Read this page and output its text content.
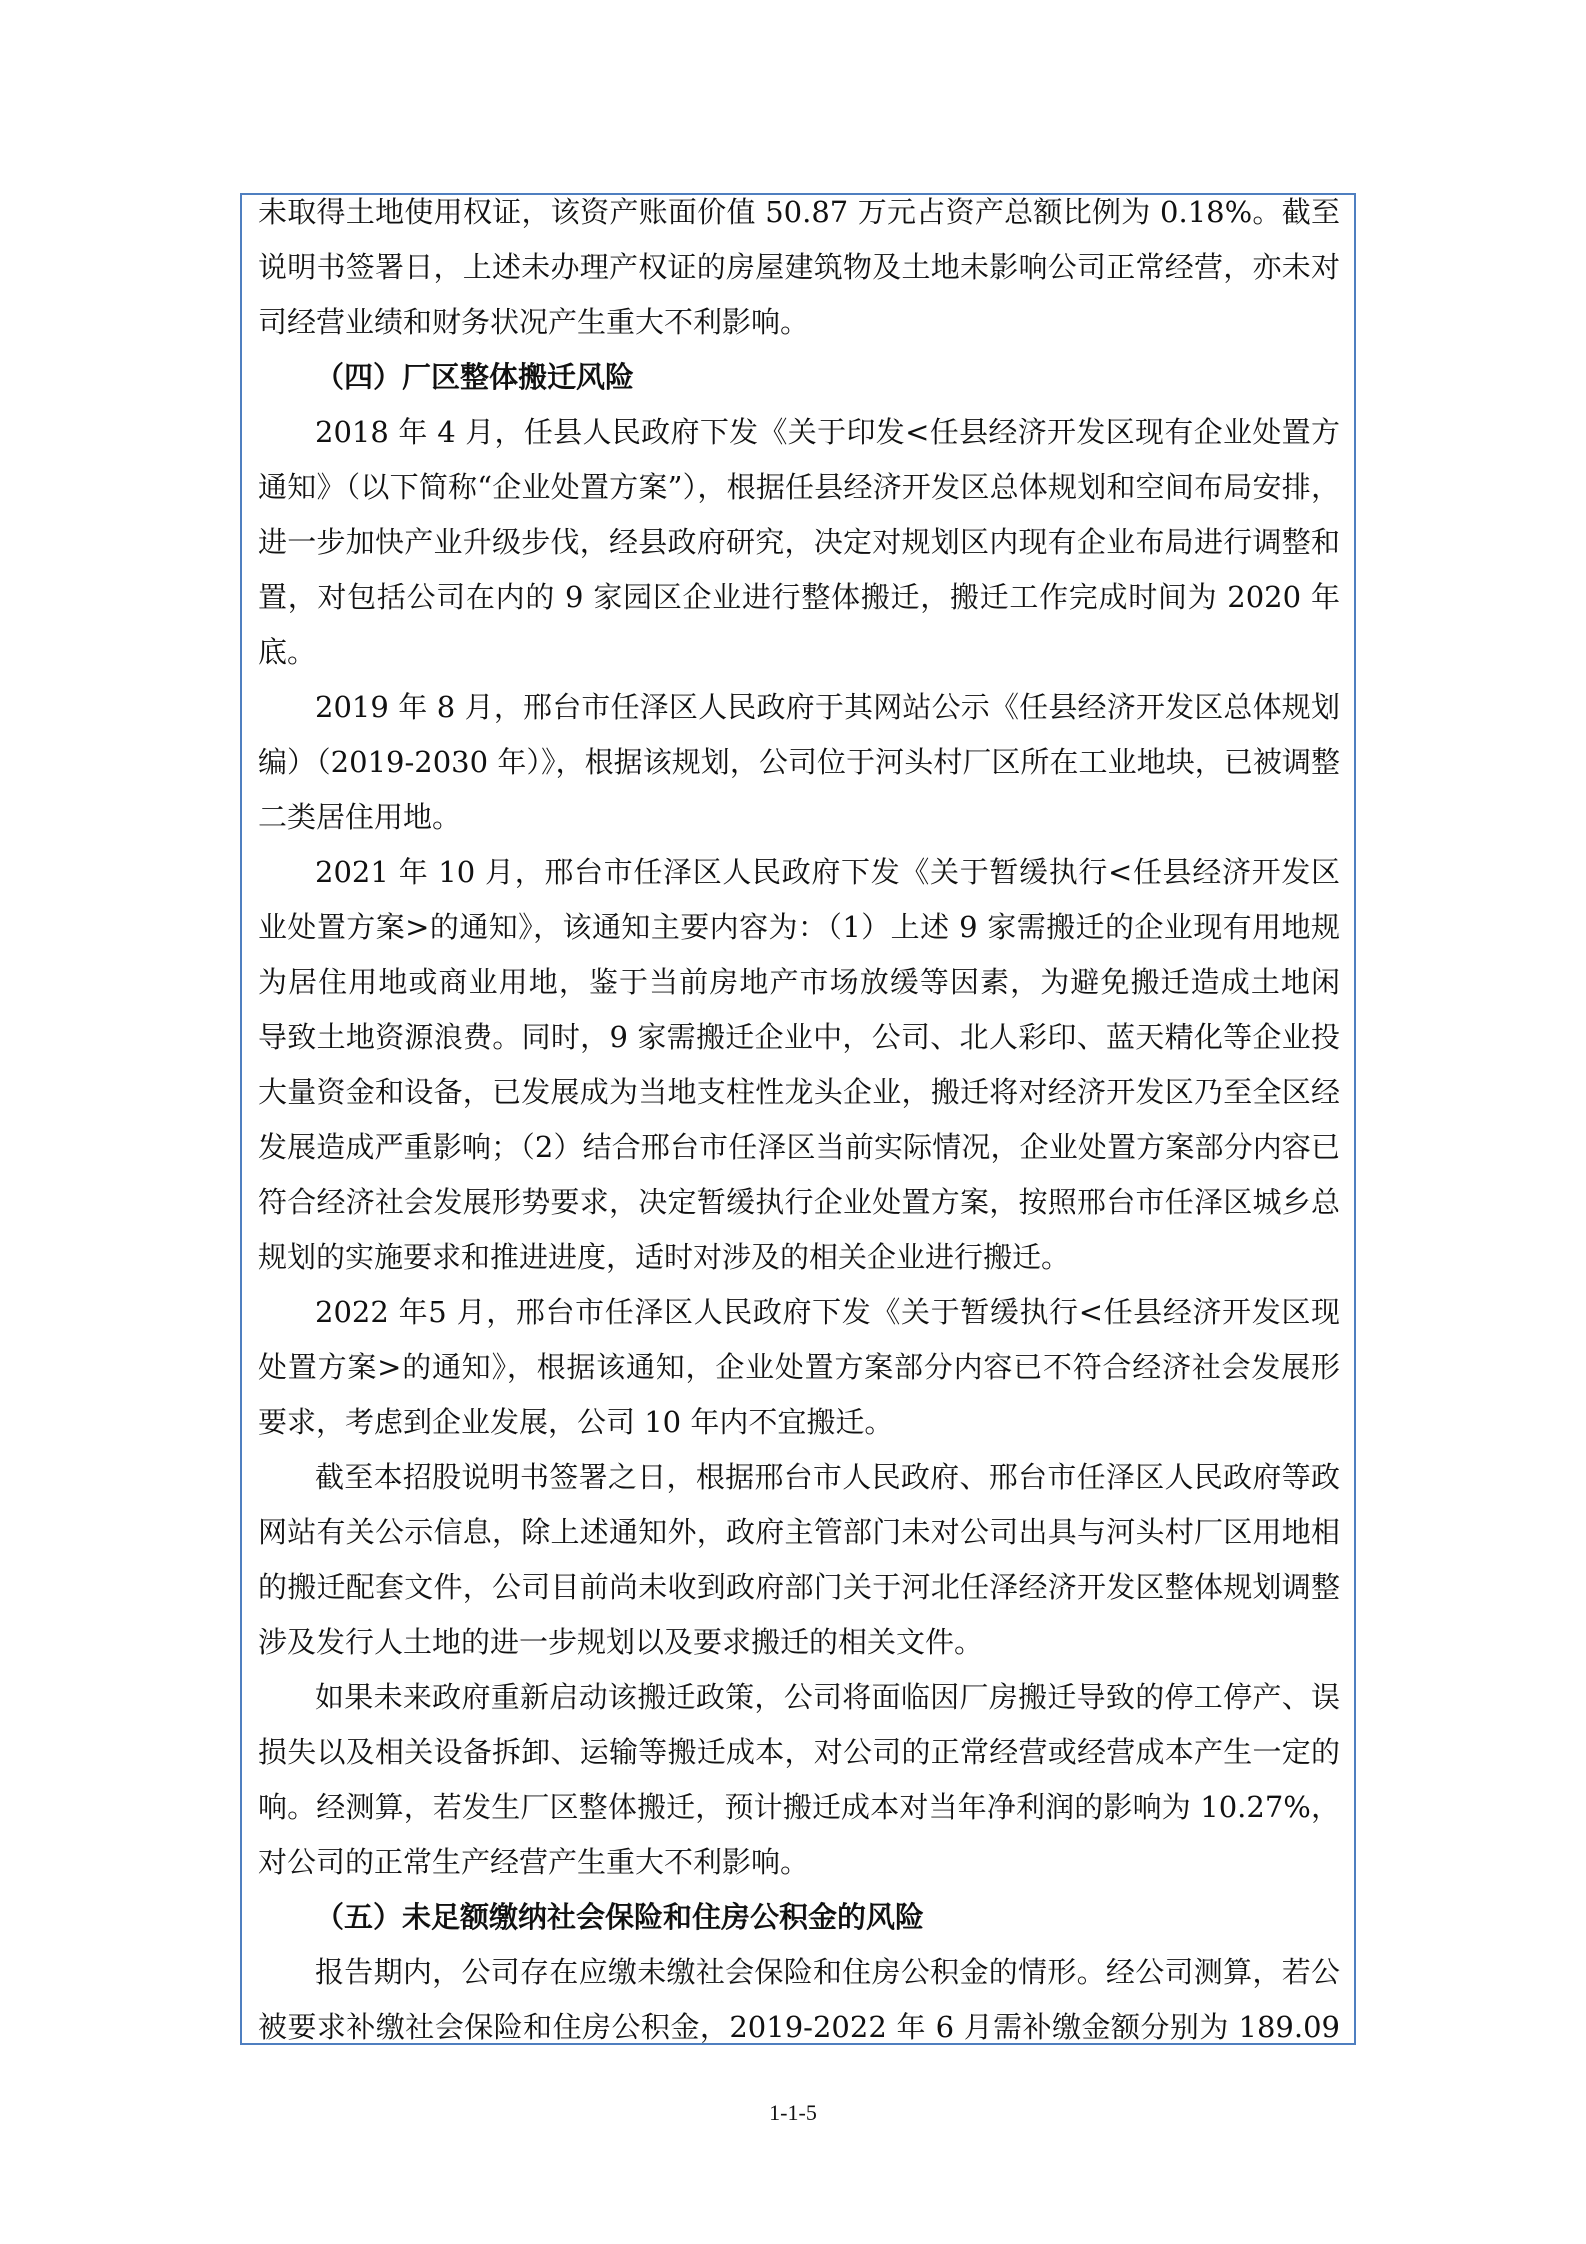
未取得土地使用权证，该资产账面价值 50.87 万元占资产总额比例为 0.18%。截至
说明书签署日，上述未办理产权证的房屋建筑物及土地未影响公司正常经营，亦未对
司经营业绩和财务状况产生重大不利影响。
（四）厂区整体搬迁风险
2018 年 4 月，任县人民政府下发《关于印发<任县经济开发区现有企业处置方
通知》（以下简称“企业处置方案”），根据任县经济开发区总体规划和空间布局安排，
进一步加快产业升级步伐，经县政府研究，决定对规划区内现有企业布局进行调整和
置，对包括公司在内的 9 家园区企业进行整体搬迁，搬迁工作完成时间为 2020 年
底。
2019 年 8 月，邢台市任泽区人民政府于其网站公示《任县经济开发区总体规划
编）（2019-2030 年）》，根据该规划，公司位于河头村厂区所在工业地块，已被调整
二类居住用地。
2021 年 10 月，邢台市任泽区人民政府下发《关于暂缓执行<任县经济开发区
业处置方案>的通知》，该通知主要内容为：（1）上述 9 家需搬迁的企业现有用地规
为居住用地或商业用地，鉴于当前房地产市场放缓等因素，为避免搬迁造成土地闲
导致土地资源浪费。同时，9 家需搬迁企业中，公司、北人彩印、蓝天精化等企业投
大量资金和设备，已发展成为当地支柱性龙头企业，搬迁将对经济开发区乃至全区经
发展造成严重影响；（2）结合邢台市任泽区当前实际情况，企业处置方案部分内容已
符合经济社会发展形势要求，决定暂缓执行企业处置方案，按照邢台市任泽区城乡总
规划的实施要求和推进进度，适时对涉及的相关企业进行搬迁。
2022 年5 月，邢台市任泽区人民政府下发《关于暂缓执行<任县经济开发区现
处置方案>的通知》，根据该通知，企业处置方案部分内容已不符合经济社会发展形
要求，考虑到企业发展，公司 10 年内不宜搬迁。
截至本招股说明书签署之日，根据邢台市人民政府、邢台市任泽区人民政府等政
网站有关公示信息，除上述通知外，政府主管部门未对公司出具与河头村厂区用地相
的搬迁配套文件，公司目前尚未收到政府部门关于河北任泽经济开发区整体规划调整
涉及发行人土地的进一步规划以及要求搬迁的相关文件。
如果未来政府重新启动该搬迁政策，公司将面临因厂房搬迁导致的停工停产、误
损失以及相关设备拆卸、运输等搬迁成本，对公司的正常经营或经营成本产生一定的
响。经测算，若发生厂区整体搬迁，预计搬迁成本对当年净利润的影响为 10.27%，
对公司的正常生产经营产生重大不利影响。
（五）未足额缴纳社会保险和住房公积金的风险
报告期内，公司存在应缴未缴社会保险和住房公积金的情形。经公司测算，若公
被要求补缴社会保险和住房公积金，2019-2022 年 6 月需补缴金额分别为 189.09
1-1-5
